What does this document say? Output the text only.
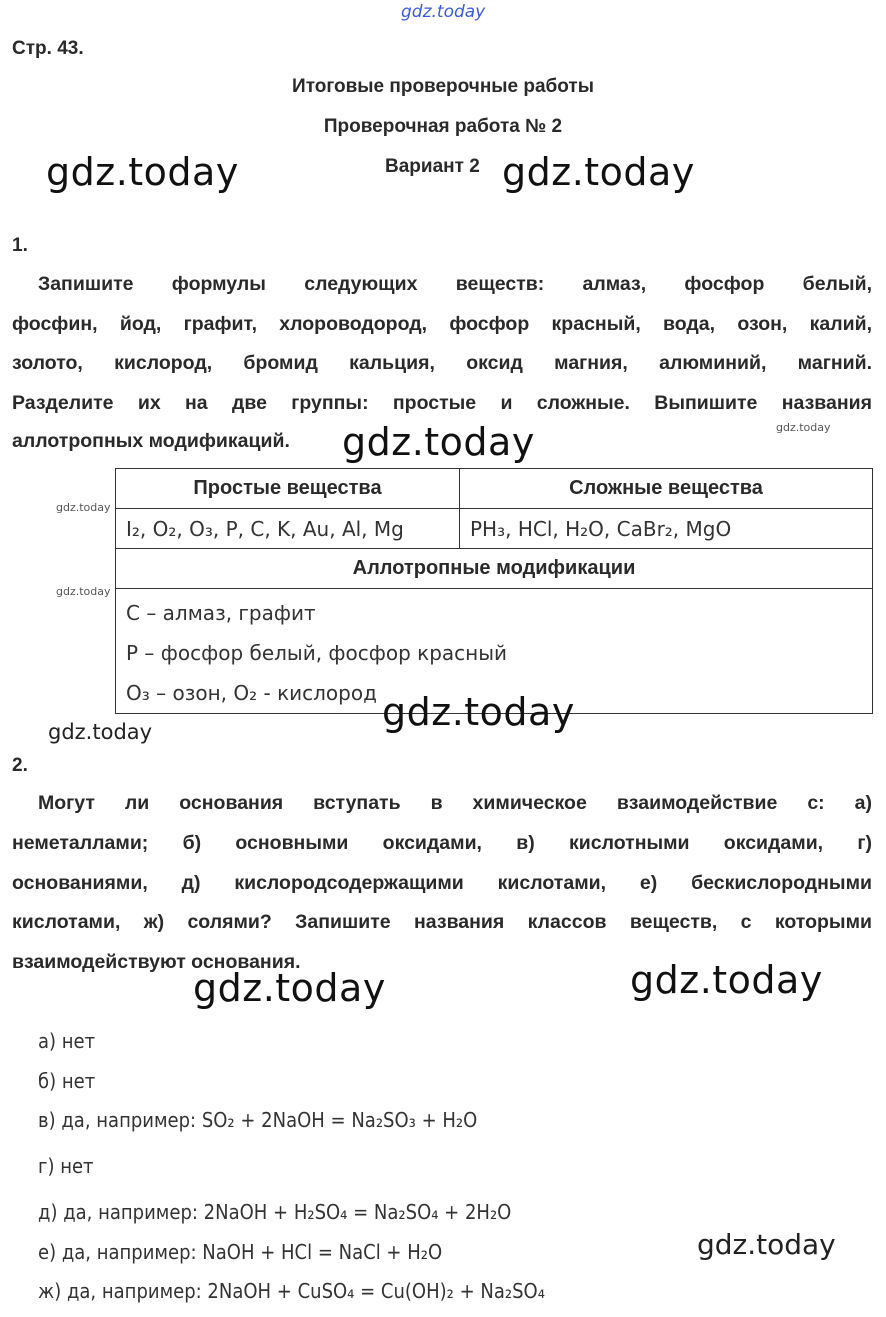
gdz.today
Стр. 43.
Итоговые проверочные работы
Проверочная работа № 2
Вариант 2
gdz.today	gdz.today
1.
Запишите формулы следующих веществ: алмаз, фосфор белый,
фосфин, йод, графит, хлороводород, фосфор красный, вода, озон, калий,
золото, кислород, бромид кальция, оксид магния, алюминий, магний.
Разделите их на две группы: простые и сложные. Выпишите названия
аллотропных модификаций. gdz.today	gdz.today
gdz.today
gdz.today
Простые вещества	Сложные вещества
I₂, O₂, O₃, P, C, K, Au, Al, Mg	PH₃, HCl, H₂O, CaBr₂, MgO
Аллотропные модификации	

C – алмаз, графит
P – фосфор белый, фосфор красный
O₃ – озон, O₂ - кислород	gdz.today
gdz.today
2.
Могут ли основания вступать в химическое взаимодействие с: а)
неметаллами; б) основными оксидами, в) кислотными оксидами, г)
основаниями, д) кислородсодержащими кислотами, е) бескислородными
кислотами, ж) солями? Запишите названия классов веществ, с которыми
взаимодействуют основания.
gdz.today	gdz.today
а) нет
б) нет
в) да, например: SO₂ + 2NaOH = Na₂SO₃ + H₂O
г) нет
д) да, например: 2NaOH + H₂SO₄ = Na₂SO₄ + 2H₂O
е) да, например: NaOH + HCl = NaCl + H₂O
ж) да, например: 2NaOH + CuSO₄ = Cu(OH)₂ + Na₂SO₄
gdz.today
